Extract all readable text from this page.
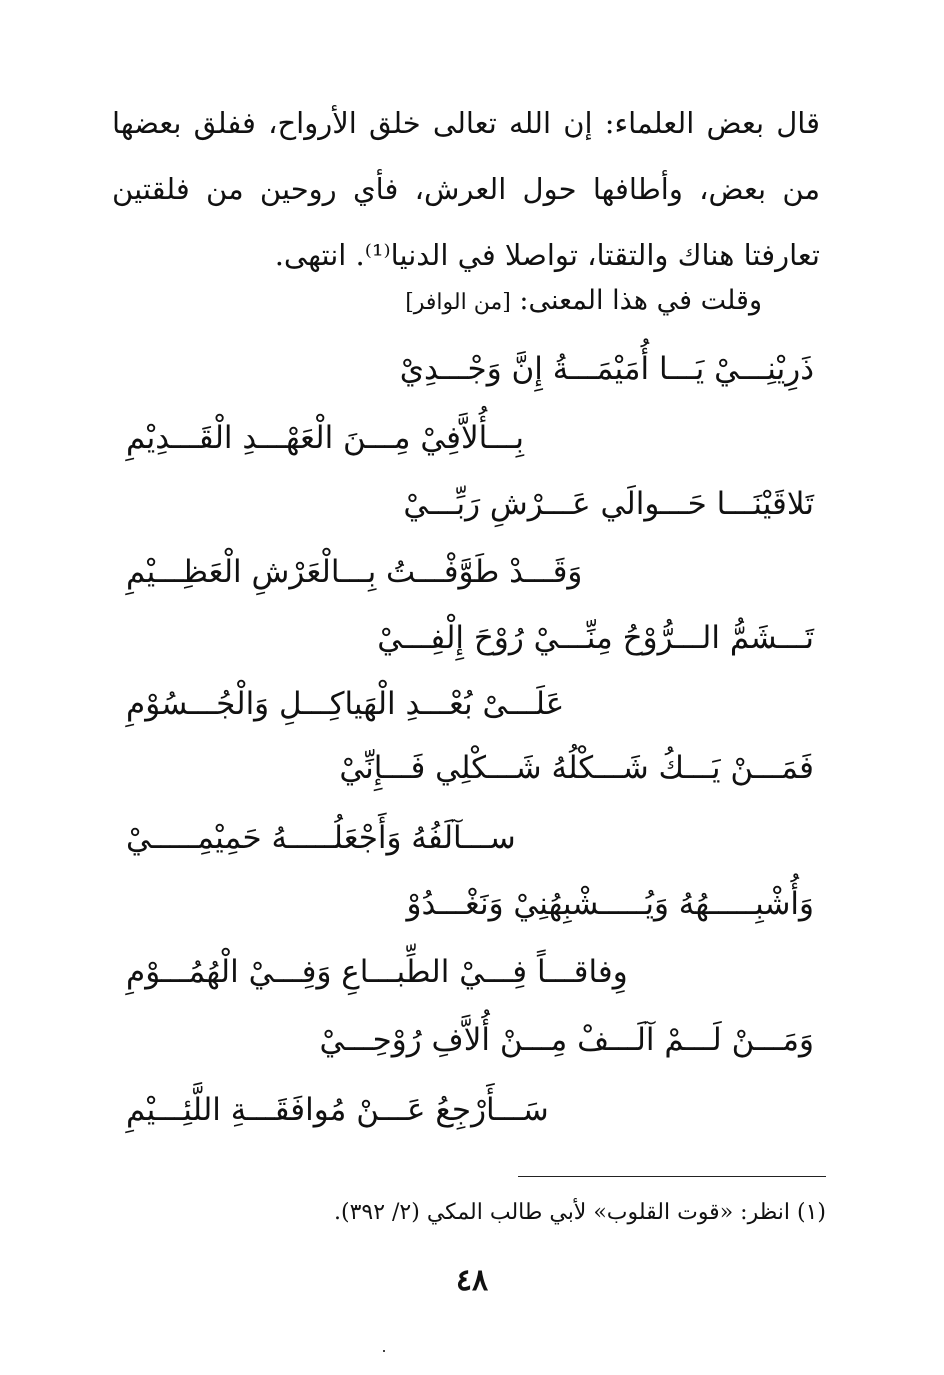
قال بعض العلماء: إن الله تعالى خلق الأرواح، ففلق بعضها من بعض، وأطافها حول العرش، فأي روحين من فلقتين تعارفتا هناك والتقتا، تواصلا في الدنيا⁽¹⁾. انتهى.
وقلت في هذا المعنى: [من الوافر]
ذَرِيْنِـــيْ يَـــا أُمَيْمَـــةُ إِنَّ وَجْـــدِيْ
بِـــأُلاَّفِيْ مِـــنَ الْعَهْـــدِ الْقَـــدِيْمِ
تَلاقَيْنَـــا حَـــوالَي عَـــرْشِ رَبِّـــيْ
وَقَـــدْ طَوَّفْـــتُ بِـــالْعَرْشِ الْعَظِـــيْمِ
تَـــشَمُّ الـــرُّوْحُ مِنِّـــيْ رُوْحَ إِلْفِـــيْ
عَلَـــىْ بُعْـــدِ الْهَياكِـــلِ وَالْجُـــسُوْمِ
فَمَـــنْ يَـــكُ شَـــكْلُهُ شَـــكْلِي فَـــإِنِّيْ
ســـآلَفُهُ وَأَجْعَلُـــــهُ حَمِيْمِـــــيْ
وَأُشْبِـــــهُهُ وَيُـــــشْبِهُنِيْ وَنَغْـــدُوْ
وِفاقـــاً فِـــيْ الطِّبـــاعِ وَفِـــيْ الْهُمُـــوْمِ
وَمَـــنْ لَـــمْ آلَـــفْ مِـــنْ أُلاَّفِ رُوْحِـــيْ
سَـــأَرْجِعُ عَـــنْ مُوافَقَـــةِ اللَّئِـــيْمِ
(١) انظر: «قوت القلوب» لأبي طالب المكي (٢/ ٣٩٢).
٤٨
